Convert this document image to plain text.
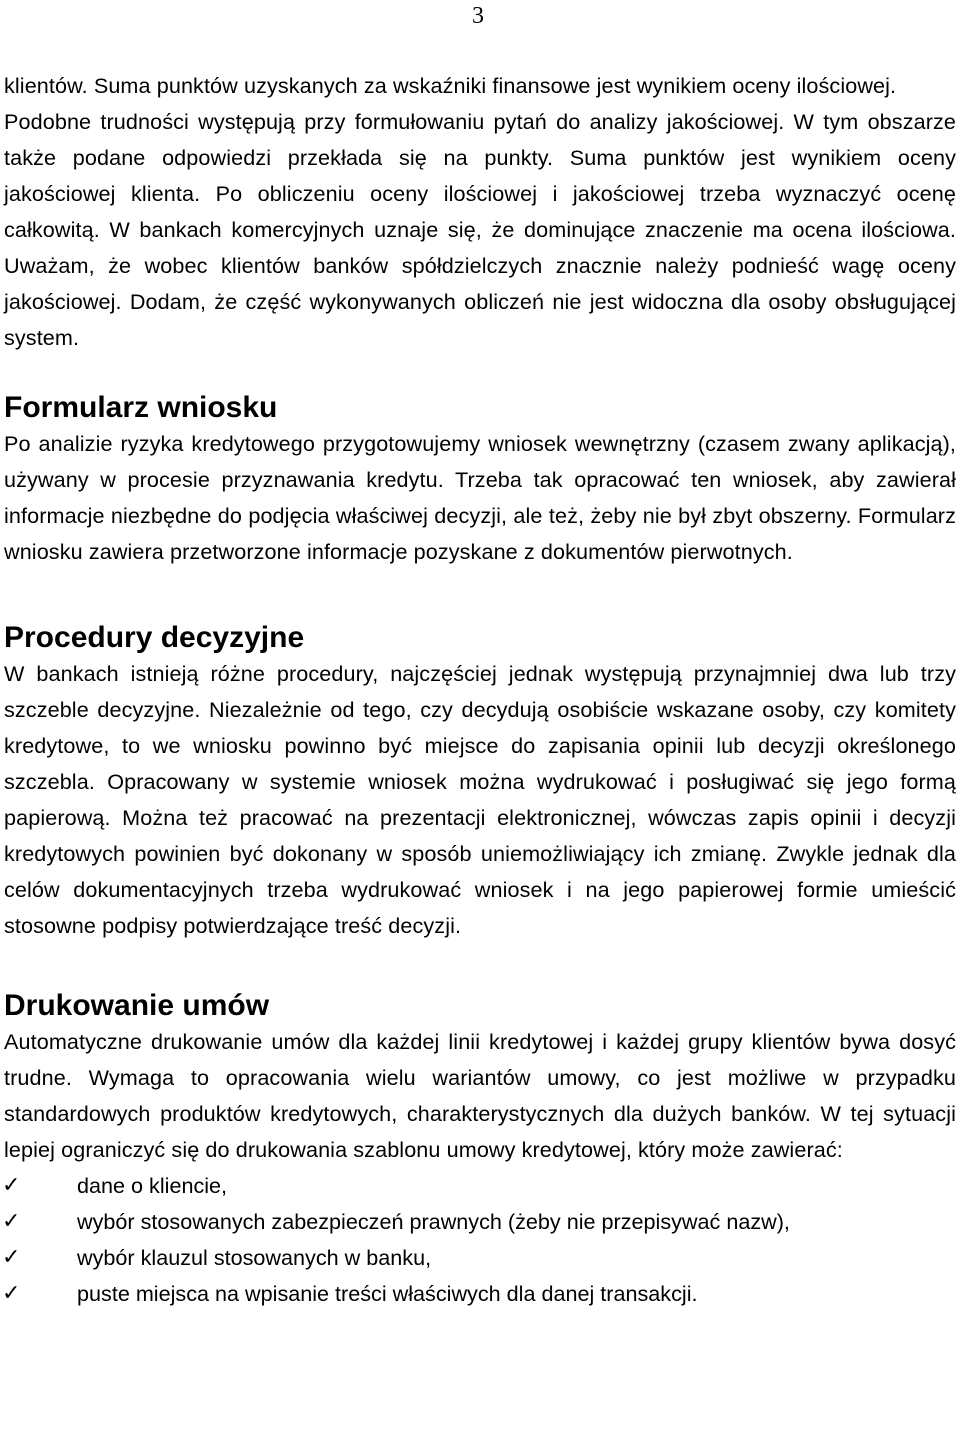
3

klientów. Suma punktów uzyskanych za wskaźniki finansowe jest wynikiem oceny ilościowej.

Podobne trudności występują przy formułowaniu pytań do analizy jakościowej. W tym obszarze także podane odpowiedzi przekłada się na punkty. Suma punktów jest wynikiem oceny jakościowej klienta. Po obliczeniu oceny ilościowej i jakościowej trzeba wyznaczyć ocenę całkowitą. W bankach komercyjnych uznaje się, że dominujące znaczenie ma ocena ilościowa. Uważam, że wobec klientów banków spółdzielczych znacznie należy podnieść wagę oceny jakościowej. Dodam, że część wykonywanych obliczeń nie jest widoczna dla osoby obsługującej system.

Formularz wniosku

Po analizie ryzyka kredytowego przygotowujemy wniosek wewnętrzny (czasem zwany aplikacją), używany w procesie przyznawania kredytu. Trzeba tak opracować ten wniosek, aby zawierał informacje niezbędne do podjęcia właściwej decyzji, ale też, żeby nie był zbyt obszerny. Formularz wniosku zawiera przetworzone informacje pozyskane z dokumentów pierwotnych.

Procedury decyzyjne

W bankach istnieją różne procedury, najczęściej jednak występują przynajmniej dwa lub trzy szczeble decyzyjne. Niezależnie od tego, czy decydują osobiście wskazane osoby, czy komitety kredytowe, to we wniosku powinno być miejsce do zapisania opinii lub decyzji określonego szczebla. Opracowany w systemie wniosek można wydrukować i posługiwać się jego formą papierową. Można też pracować na prezentacji elektronicznej, wówczas zapis opinii i decyzji kredytowych powinien być dokonany w sposób uniemożliwiający ich zmianę. Zwykle jednak dla celów dokumentacyjnych trzeba wydrukować wniosek i na jego papierowej formie umieścić stosowne podpisy potwierdzające treść decyzji.

Drukowanie umów

Automatyczne drukowanie umów dla każdej linii kredytowej i każdej grupy klientów bywa dosyć trudne. Wymaga to opracowania wielu wariantów umowy, co jest możliwe w przypadku standardowych produktów kredytowych, charakterystycznych dla dużych banków. W tej sytuacji lepiej ograniczyć się do drukowania szablonu umowy kredytowej, który może zawierać:

✓	dane o kliencie,
✓	wybór stosowanych zabezpieczeń prawnych (żeby nie przepisywać nazw),
✓	wybór klauzul stosowanych w banku,
✓	puste miejsca na wpisanie treści właściwych dla danej transakcji.
